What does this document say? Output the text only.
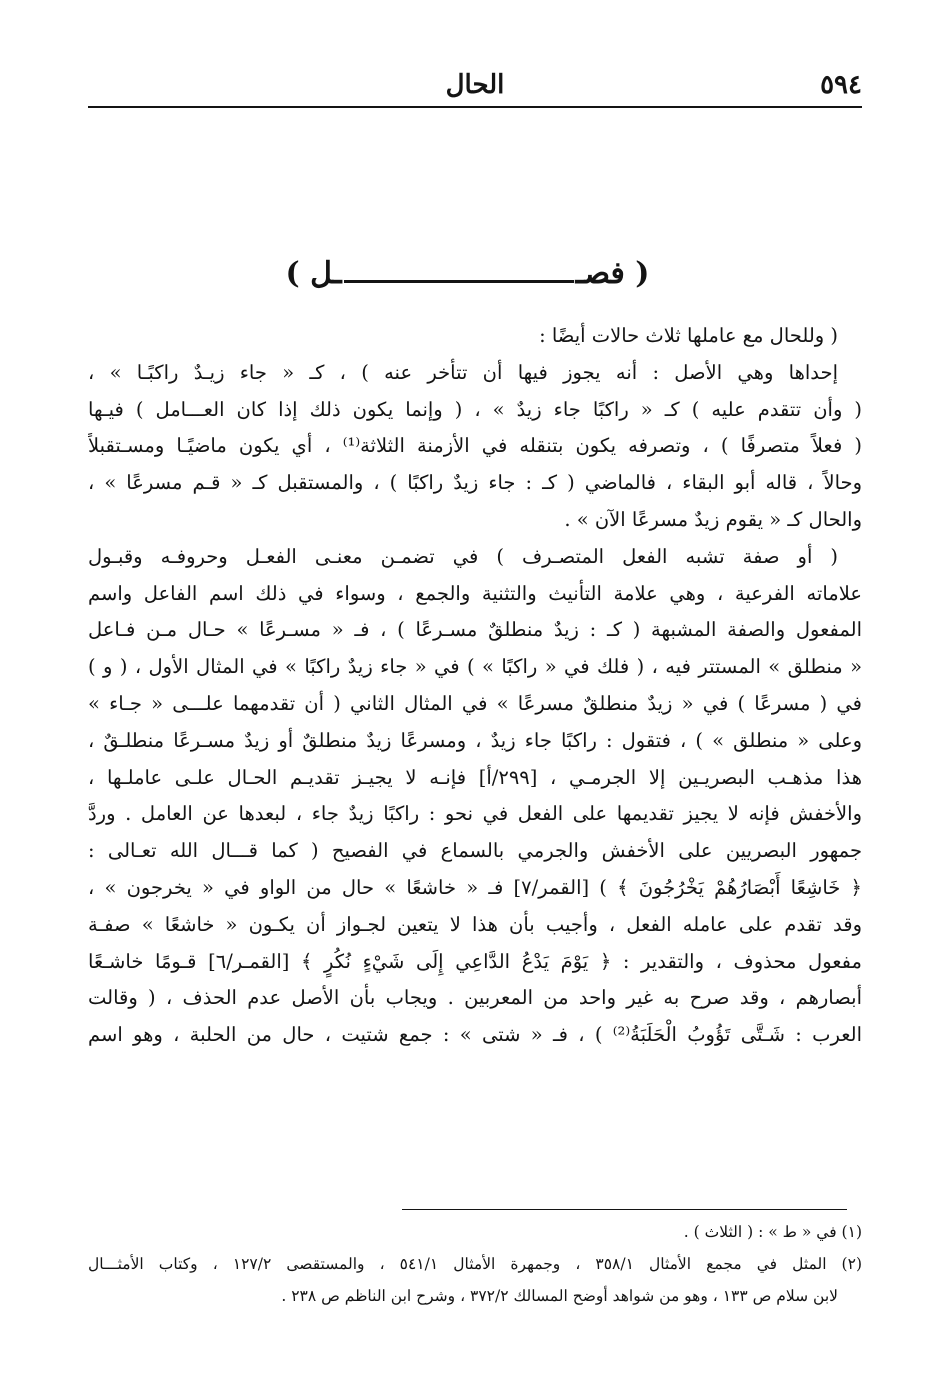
٥٩٤
الحال
( فصــل )
( وللحال مع عاملها ثلاث حالات أيضًا :
إحداها وهي الأصل : أنه يجوز فيها أن تتأخر عنه ) ، كـ « جاء زيـدٌ راكبًـا » ،
( وأن تتقدم عليه ) كـ « راكبًا جاء زيدٌ » ، ( وإنما يكون ذلك إذا كان العـــامل ) فيـها
( فعلاً متصرفًا ) ، وتصرفه يكون بتنقله في الأزمنة الثلاثة⁽¹⁾ ، أي يكون ماضيًـا ومسـتقبلاً
وحالاً ، قاله أبو البقاء ، فالماضي ( كـ : جاء زيدٌ راكبًا ) ، والمستقبل كـ « قـم مسرعًا » ،
والحال كـ « يقوم زيدٌ مسرعًا الآن » .
( أو صفة تشبه الفعل المتصـرف ) في تضمـن معنـى الفعـل وحروفـه وقبـول
علاماته الفرعية ، وهي علامة التأنيث والتثنية والجمع ، وسواء في ذلك اسم الفاعل واسم
المفعول والصفة المشبهة ( كـ : زيدٌ منطلقٌ مسـرعًا ) ، فـ « مسـرعًا » حـال مـن فـاعل
« منطلق » المستتر فيه ، ( فلك في « راكبًا » ) في « جاء زيدٌ راكبًا » في المثال الأول ، ( و )
في ( مسرعًا ) في « زيدٌ منطلقٌ مسرعًا » في المثال الثاني ( أن تقدمهما علـــى « جـاء »
وعلى « منطلق » ) ، فتقول : راكبًا جاء زيدٌ ، ومسرعًا زيدٌ منطلقٌ أو زيدٌ مسـرعًا منطلـقٌ ،
هذا مذهـب البصريـين إلا الجرمـي ، [٢٩٩/أ] فإنـه لا يجيـز تقديـم الحـال علـى عاملـها ،
والأخفش فإنه لا يجيز تقديمها على الفعل في نحو : راكبًا زيدٌ جاء ، لبعدها عن العامل . وردَّ
جمهور البصريين على الأخفش والجرمي بالسماع في الفصيح ( كما قـــال الله تعـالى :
﴿ خَاشِعًا أَبْصَارُهُمْ يَخْرُجُونَ ﴾ ) [القمر/٧] فـ « خاشعًا » حال من الواو في « يخرجون » ،
وقد تقدم على عامله الفعل ، وأجيب بأن هذا لا يتعين لجـواز أن يكـون « خاشعًا » صفـة
مفعول محذوف ، والتقدير : ﴿ يَوْمَ يَدْعُ الدَّاعِي إِلَى شَيْءٍ نُكُرٍ ﴾ [القمـر/٦] قـومًا خاشـعًا
أبصارهم ، وقد صرح به غير واحد من المعربين . ويجاب بأن الأصل عدم الحذف ، ( وقالت
العرب : شَـتَّى تَؤُوبُ الْحَلَبَةُ⁽²⁾ ) ، فـ « شتى » : جمع شتيت ، حال من الحلبة ، وهو اسم
(١) في « ط » : ( الثلاث ) .
(٢) المثل في مجمع الأمثال ٣٥٨/١ ، وجمهرة الأمثال ٥٤١/١ ، والمستقصى ١٢٧/٢ ، وكتاب الأمثـــال
لابن سلام ص ١٣٣ ، وهو من شواهد أوضح المسالك ٣٧٢/٢ ، وشرح ابن الناظم ص ٢٣٨ .
